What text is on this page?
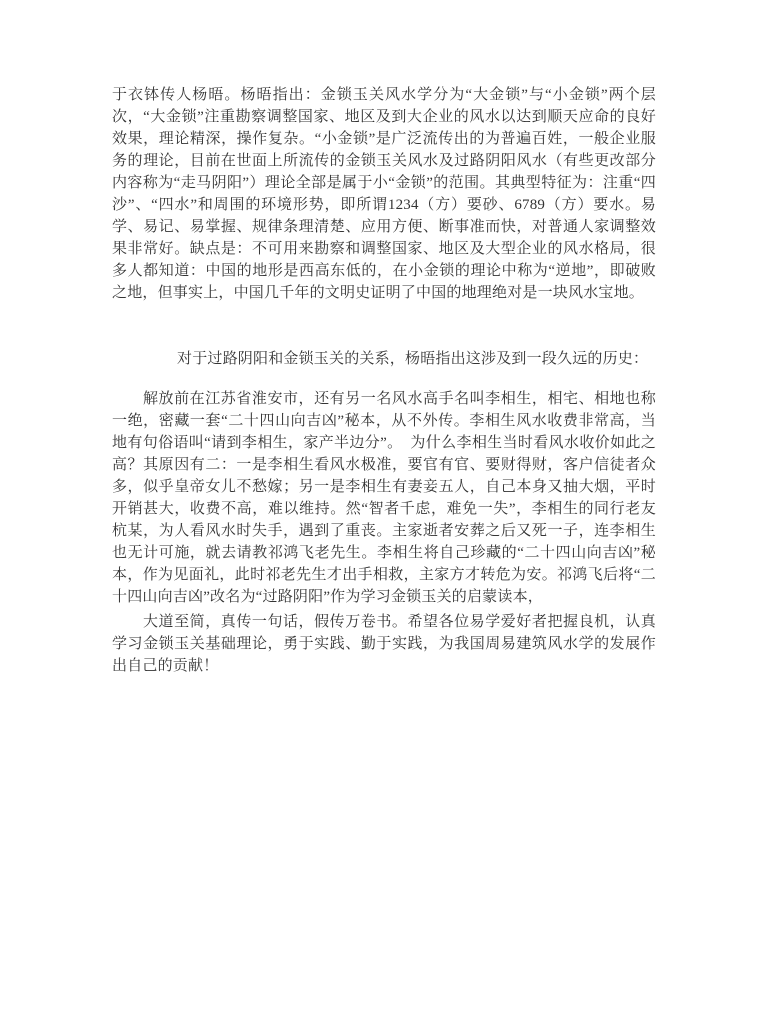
于衣钵传人杨晤。杨晤指出：金锁玉关风水学分为“大金锁”与“小金锁”两个层次，“大金锁”注重勘察调整国家、地区及到大企业的风水以达到顺天应命的良好效果，理论精深，操作复杂。“小金锁”是广泛流传出的为普遍百姓，一般企业服务的理论，目前在世面上所流传的金锁玉关风水及过路阴阳风水（有些更改部分内容称为“走马阴阳”）理论全部是属于小“金锁”的范围。其典型特征为：注重“四沙”、“四水”和周围的环境形势，即所谓1234（方）要砂、6789（方）要水。易学、易记、易掌握、规律条理清楚、应用方便、断事准而快，对普通人家调整效果非常好。缺点是：不可用来勘察和调整国家、地区及大型企业的风水格局，很多人都知道：中国的地形是西高东低的，在小金锁的理论中称为“逆地”，即破败之地，但事实上，中国几千年的文明史证明了中国的地理绝对是一块风水宝地。

对于过路阴阳和金锁玉关的关系，杨晤指出这涉及到一段久远的历史：

解放前在江苏省淮安市，还有另一名风水高手名叫李相生，相宅、相地也称一绝，密藏一套“二十四山向吉凶”秘本，从不外传。李相生风水收费非常高，当地有句俗语叫“请到李相生，家产半边分”。　为什么李相生当时看风水收价如此之高？其原因有二：一是李相生看风水极准，要官有官、要财得财，客户信徒者众多，似乎皇帝女儿不愁嫁；另一是李相生有妻妾五人，自己本身又抽大烟，平时开销甚大，收费不高，难以维持。然“智者千虑，难免一失”，李相生的同行老友杭某，为人看风水时失手，遇到了重丧。主家逝者安葬之后又死一子，连李相生也无计可施，就去请教祁鸿飞老先生。李相生将自己珍藏的“二十四山向吉凶”秘本，作为见面礼，此时祁老先生才出手相救，主家方才转危为安。祁鸿飞后将“二十四山向吉凶”改名为“过路阴阳”作为学习金锁玉关的启蒙读本，

大道至简，真传一句话，假传万卷书。希望各位易学爱好者把握良机，认真学习金锁玉关基础理论，勇于实践、勤于实践，为我国周易建筑风水学的发展作出自己的贡献！
